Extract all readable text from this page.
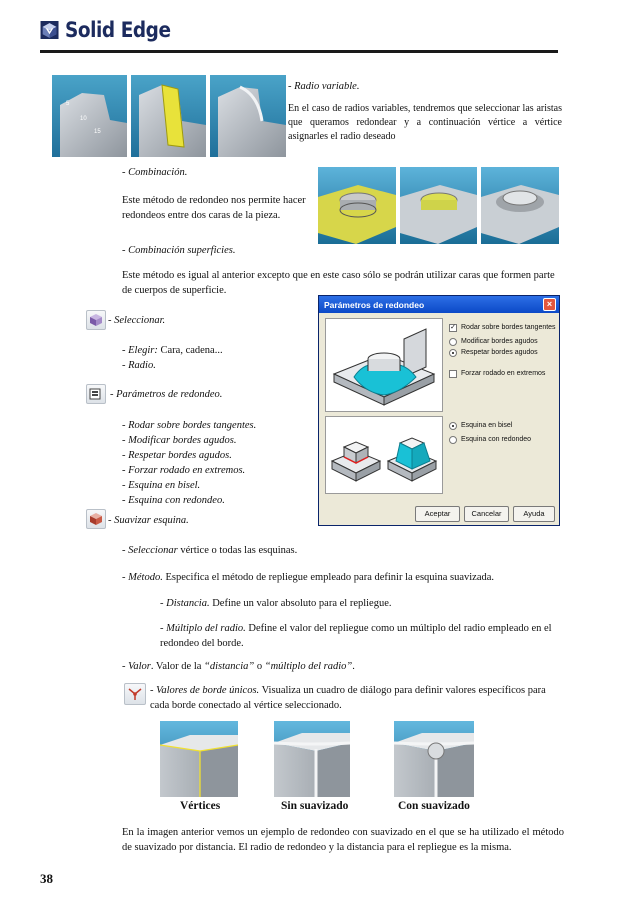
Solid Edge
5
10
15
- Radio variable.
En el caso de radios variables, tendremos que seleccionar las aristas que queramos redondear y a continuación vértice a vértice asignarles el radio deseado
- Combinación.
Este método de redondeo nos permite hacer redondeos entre dos caras de la pieza.
- Combinación superficies.
Este método es igual al anterior excepto que en este caso sólo se podrán utilizar caras que formen parte de cuerpos de superficie.
- Seleccionar.
- Elegir: Cara, cadena...
- Radio.
- Parámetros de redondeo.
- Rodar sobre bordes tangentes.
- Modificar bordes agudos.
- Respetar bordes agudos.
- Forzar rodado en extremos.
- Esquina en bisel.
- Esquina con redondeo.
Parámetros de redondeo	×
✓ Rodar sobre bordes tangentes
Modificar bordes agudos
Respetar bordes agudos
Forzar rodado en extremos
Esquina en bisel
Esquina con redondeo
Aceptar	Cancelar	Ayuda
- Suavizar esquina.
- Seleccionar vértice o todas las esquinas.
- Método. Especifica el método de repliegue empleado para definir la esquina suavizada.
- Distancia. Define un valor absoluto para el repliegue.
- Múltiplo del radio. Define el valor del repliegue como un múltiplo del radio empleado en el redondeo del borde.
- Valor. Valor de la “distancia” o “múltiplo del radio”.
- Valores de borde únicos. Visualiza un cuadro de diálogo para definir valores específicos para cada borde conectado al vértice seleccionado.
Vértices	Sin suavizado	Con suavizado
En la imagen anterior vemos un ejemplo de redondeo con suavizado en el que se ha utilizado el método de suavizado por distancia. El radio de redondeo y la distancia para el repliegue es la misma.
38
